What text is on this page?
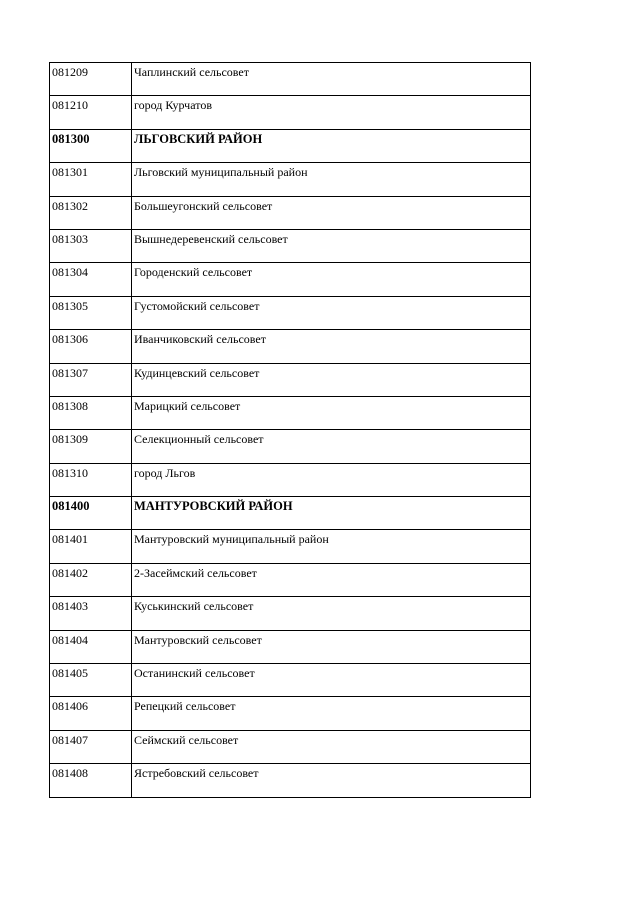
081209	Чаплинский сельсовет

081210	город Курчатов

081300	ЛЬГОВСКИЙ РАЙОН

081301	Льговский муниципальный район

081302	Большеугонский сельсовет

081303	Вышнедеревенский сельсовет

081304	Городенский сельсовет

081305	Густомойский сельсовет

081306	Иванчиковский сельсовет

081307	Кудинцевский сельсовет

081308	Марицкий сельсовет

081309	Селекционный сельсовет

081310	город Льгов

081400	МАНТУРОВСКИЙ РАЙОН

081401	Мантуровский муниципальный район

081402	2-Засеймский сельсовет

081403	Куськинский сельсовет

081404	Мантуровский сельсовет

081405	Останинский сельсовет

081406	Репецкий сельсовет

081407	Сеймский сельсовет

081408	Ястребовский сельсовет
